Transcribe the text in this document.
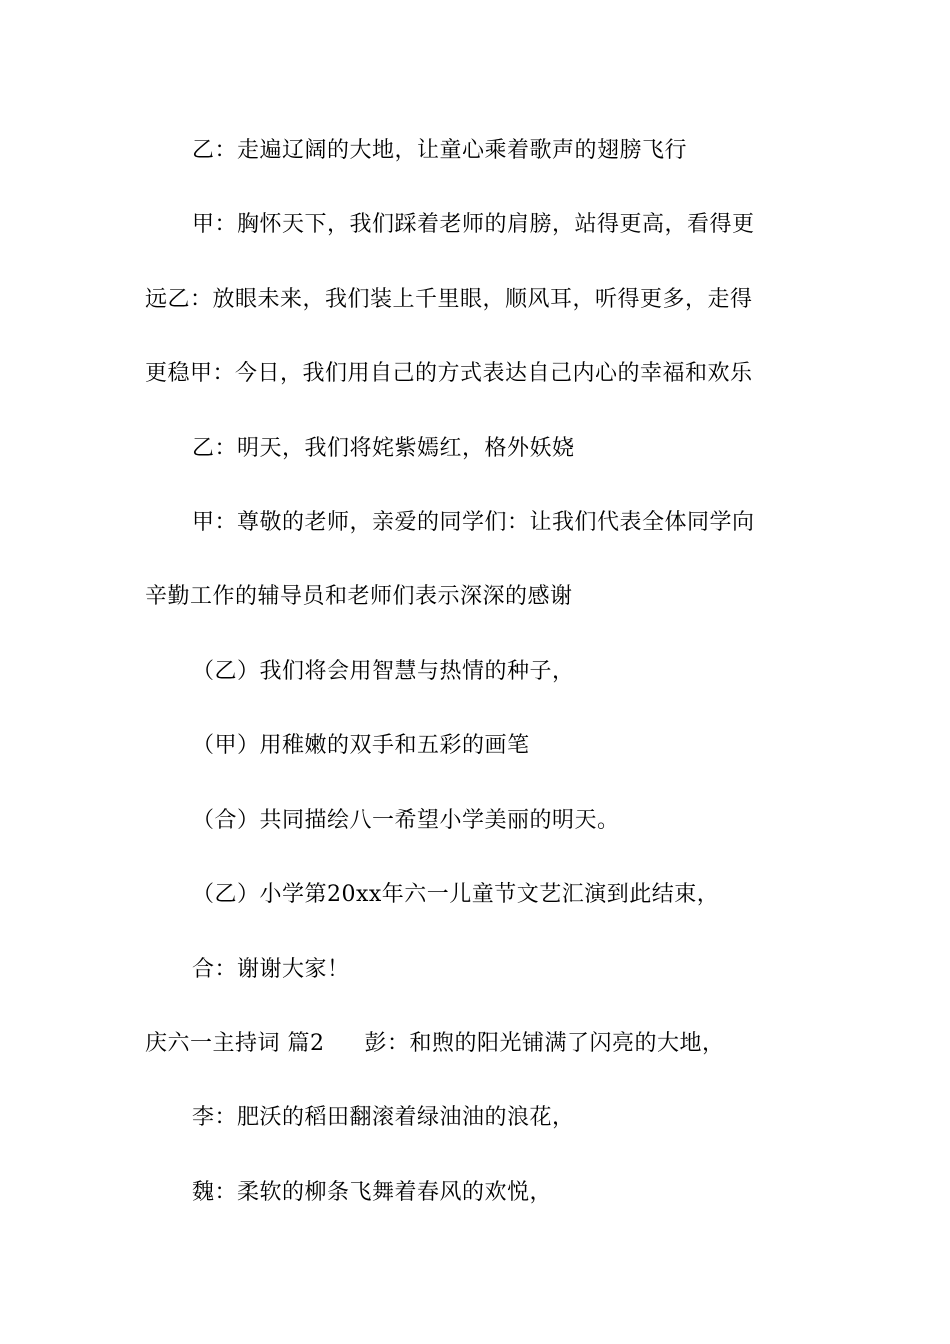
乙：走遍辽阔的大地，让童心乘着歌声的翅膀飞行
甲：胸怀天下，我们踩着老师的肩膀，站得更高，看得更
远乙：放眼未来，我们装上千里眼，顺风耳，听得更多，走得
更稳甲：今日，我们用自己的方式表达自己内心的幸福和欢乐
乙：明天，我们将姹紫嫣红，格外妖娆
甲：尊敬的老师，亲爱的同学们：让我们代表全体同学向
辛勤工作的辅导员和老师们表示深深的感谢
（乙）我们将会用智慧与热情的种子，
（甲）用稚嫩的双手和五彩的画笔
（合）共同描绘八一希望小学美丽的明天。
（乙）小学第20xx年六一儿童节文艺汇演到此结束，
合：谢谢大家！
庆六一主持词 篇2 彭：和煦的阳光铺满了闪亮的大地，
李：肥沃的稻田翻滚着绿油油的浪花，
魏：柔软的柳条飞舞着春风的欢悦，
